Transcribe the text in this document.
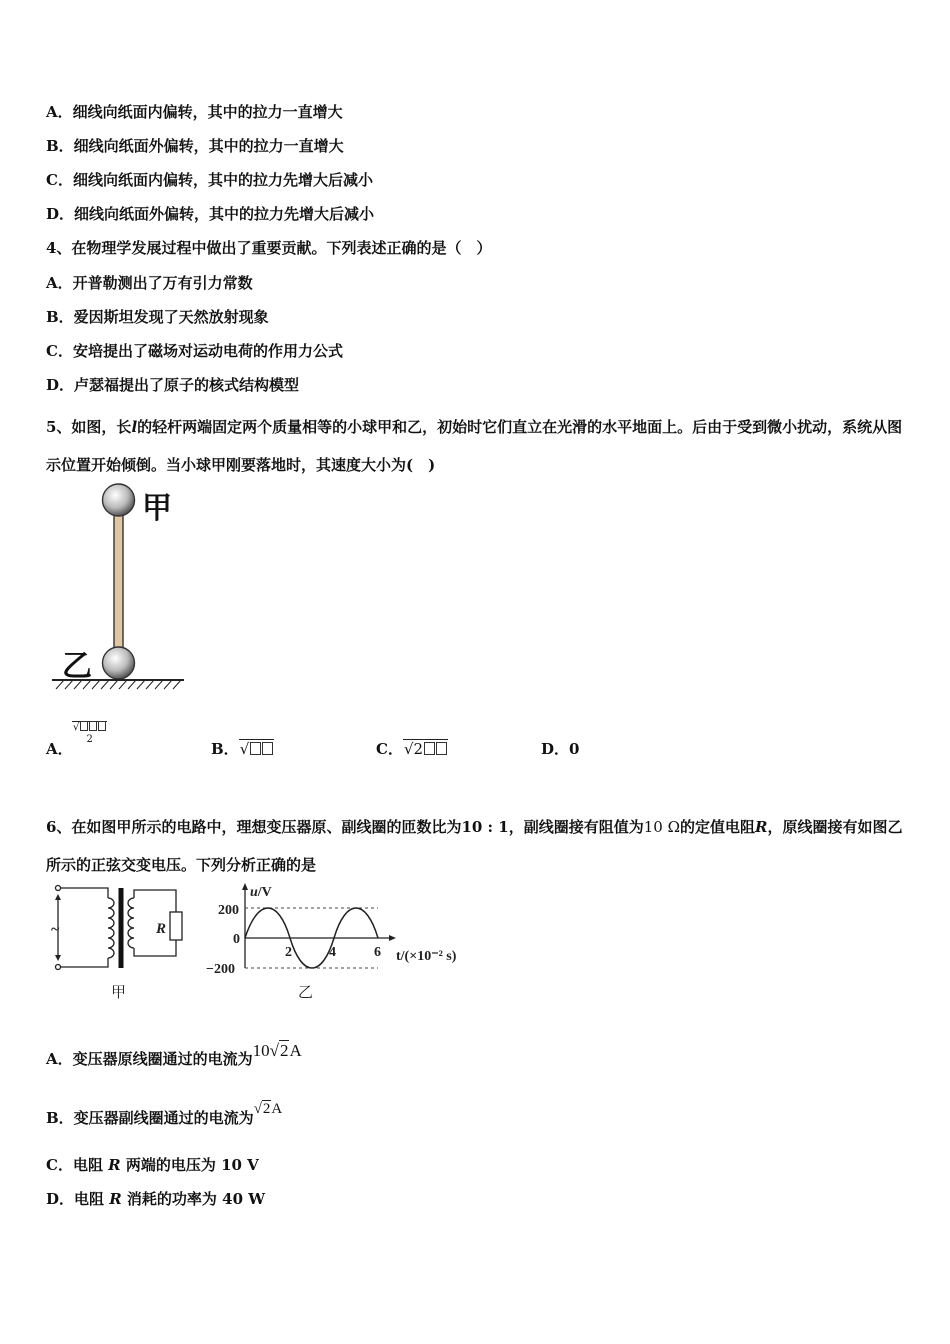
A．细线向纸面内偏转，其中的拉力一直增大
B．细线向纸面外偏转，其中的拉力一直增大
C．细线向纸面内偏转，其中的拉力先增大后减小
D．细线向纸面外偏转，其中的拉力先增大后减小
4、在物理学发展过程中做出了重要贡献。下列表述正确的是（　）
A．开普勒测出了万有引力常数
B．爱因斯坦发现了天然放射现象
C．安培提出了磁场对运动电荷的作用力公式
D．卢瑟福提出了原子的核式结构模型
5、如图，长l的轻杆两端固定两个质量相等的小球甲和乙，初始时它们直立在光滑的水平地面上。后由于受到微小扰动，系统从图示位置开始倾倒。当小球甲刚要落地时，其速度大小为(　)
甲
乙
A．
√
2
B．√	C．√2	D．0
6、在如图甲所示的电路中，理想变压器原、副线圈的匝数比为10 : 1，副线圈接有阻值为10 Ω的定值电阻R，原线圈接有如图乙所示的正弦交变电压。下列分析正确的是
~	R
甲
u/V
200
0
−200
2	4	6 t/(×10⁻² s)
乙
A．变压器原线圈通过的电流为10√2A
B．变压器副线圈通过的电流为√2A
C．电阻 R 两端的电压为 10 V
D．电阻 R 消耗的功率为 40 W
